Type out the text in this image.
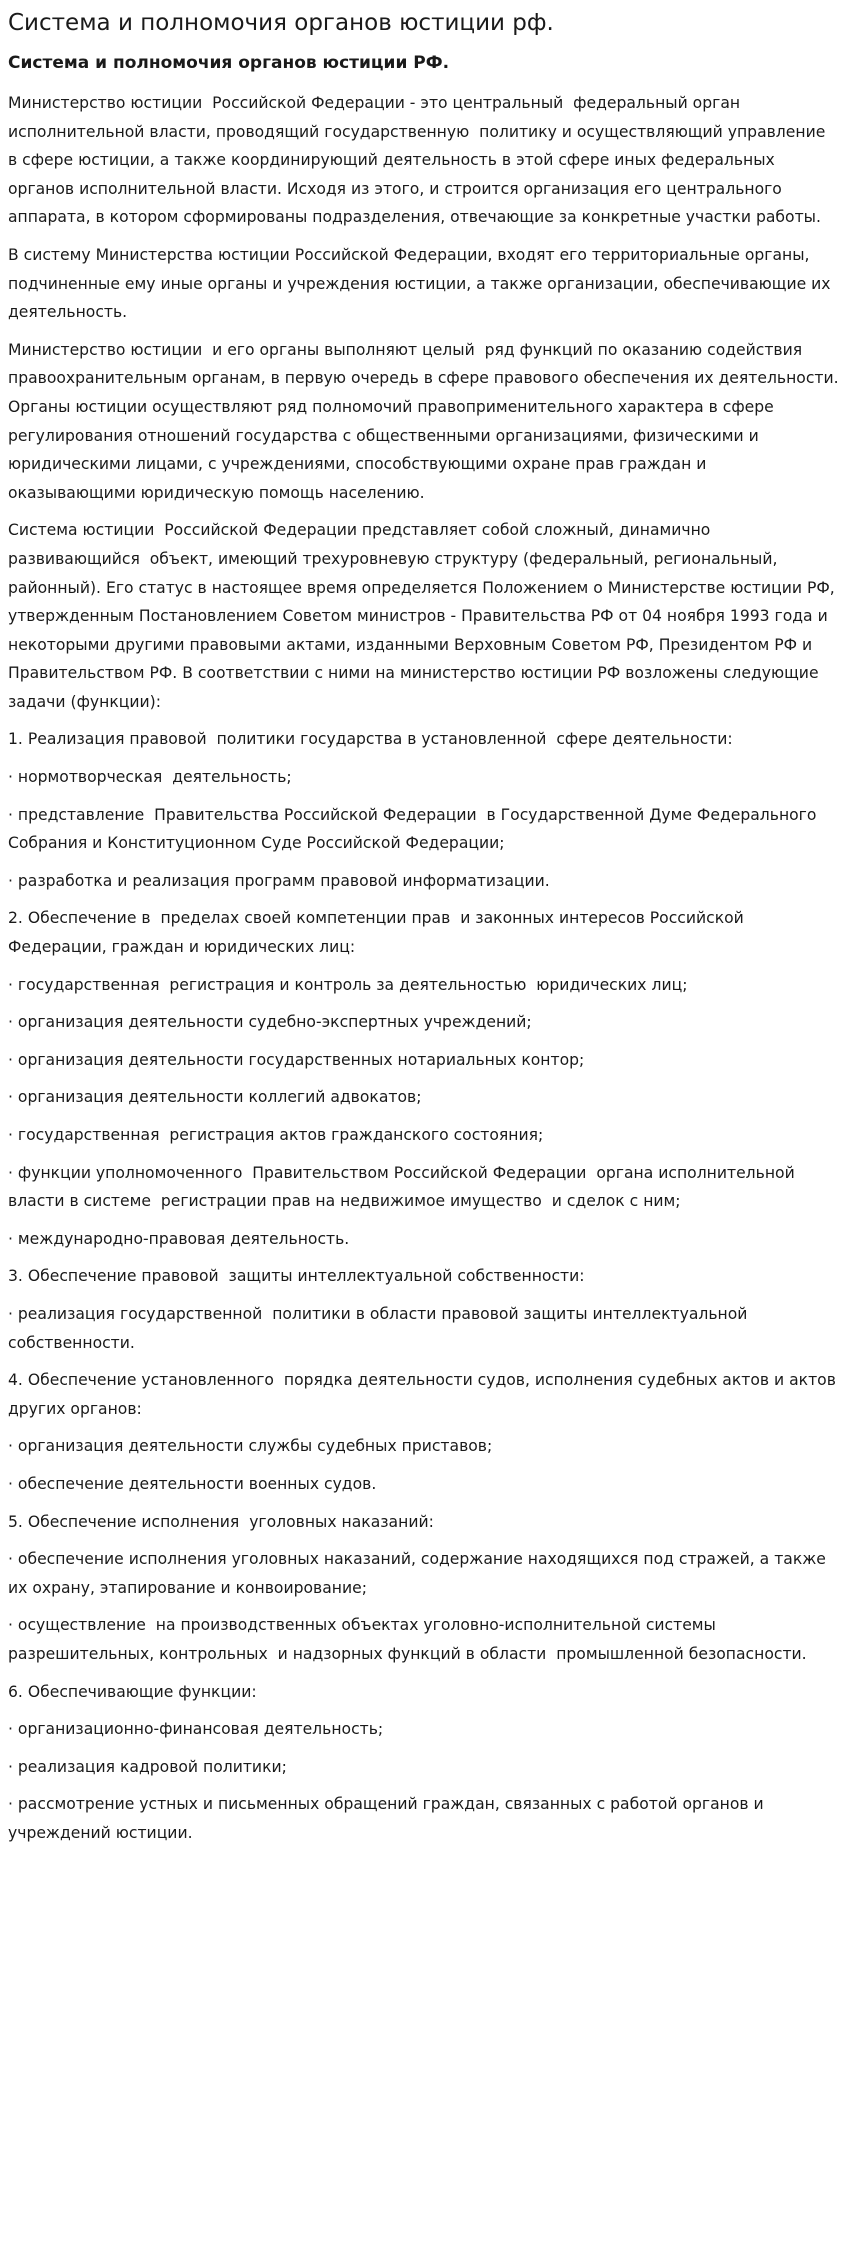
Система и полномочия органов юстиции рф.
Система и полномочия органов юстиции РФ.

Министерство юстиции  Российской Федерации - это центральный  федеральный орган исполнительной власти, проводящий государственную  политику и осуществляющий управление в сфере юстиции, а также координирующий деятельность в этой сфере иных федеральных органов исполнительной власти. Исходя из этого, и строится организация его центрального аппарата, в котором сформированы подразделения, отвечающие за конкретные участки работы.

В систему Министерства юстиции Российской Федерации, входят его территориальные органы, подчиненные ему иные органы и учреждения юстиции, а также организации, обеспечивающие их деятельность.

Министерство юстиции  и его органы выполняют целый  ряд функций по оказанию содействия правоохранительным органам, в первую очередь в сфере правового обеспечения их деятельности. Органы юстиции осуществляют ряд полномочий правоприменительного характера в сфере регулирования отношений государства с общественными организациями, физическими и юридическими лицами, с учреждениями, способствующими охране прав граждан и оказывающими юридическую помощь населению.

Система юстиции  Российской Федерации представляет собой сложный, динамично развивающийся  объект, имеющий трехуровневую структуру (федеральный, региональный, районный). Его статус в настоящее время определяется Положением о Министерстве юстиции РФ, утвержденным Постановлением Советом министров - Правительства РФ от 04 ноября 1993 года и некоторыми другими правовыми актами, изданными Верховным Советом РФ, Президентом РФ и Правительством РФ. В соответствии с ними на министерство юстиции РФ возложены следующие задачи (функции):

1. Реализация правовой  политики государства в установленной  сфере деятельности:

· нормотворческая  деятельность;

· представление  Правительства Российской Федерации  в Государственной Думе Федерального Собрания и Конституционном Суде Российской Федерации;

· разработка и реализация программ правовой информатизации.

2. Обеспечение в  пределах своей компетенции прав  и законных интересов Российской Федерации, граждан и юридических лиц:

· государственная  регистрация и контроль за деятельностью  юридических лиц;

· организация деятельности судебно-экспертных учреждений;

· организация деятельности государственных нотариальных контор;

· организация деятельности коллегий адвокатов;

· государственная  регистрация актов гражданского состояния;

· функции уполномоченного  Правительством Российской Федерации  органа исполнительной власти в системе  регистрации прав на недвижимое имущество  и сделок с ним;

· международно-правовая деятельность.

3. Обеспечение правовой  защиты интеллектуальной собственности:

· реализация государственной  политики в области правовой защиты интеллектуальной собственности.

4. Обеспечение установленного  порядка деятельности судов, исполнения судебных актов и актов других органов:

· организация деятельности службы судебных приставов;

· обеспечение деятельности военных судов.

5. Обеспечение исполнения  уголовных наказаний:

· обеспечение исполнения уголовных наказаний, содержание находящихся под стражей, а также их охрану, этапирование и конвоирование;

· осуществление  на производственных объектах уголовно-исполнительной системы разрешительных, контрольных  и надзорных функций в области  промышленной безопасности.

6. Обеспечивающие функции:

· организационно-финансовая деятельность;

· реализация кадровой политики;

· рассмотрение устных и письменных обращений граждан, связанных с работой органов и учреждений юстиции.
